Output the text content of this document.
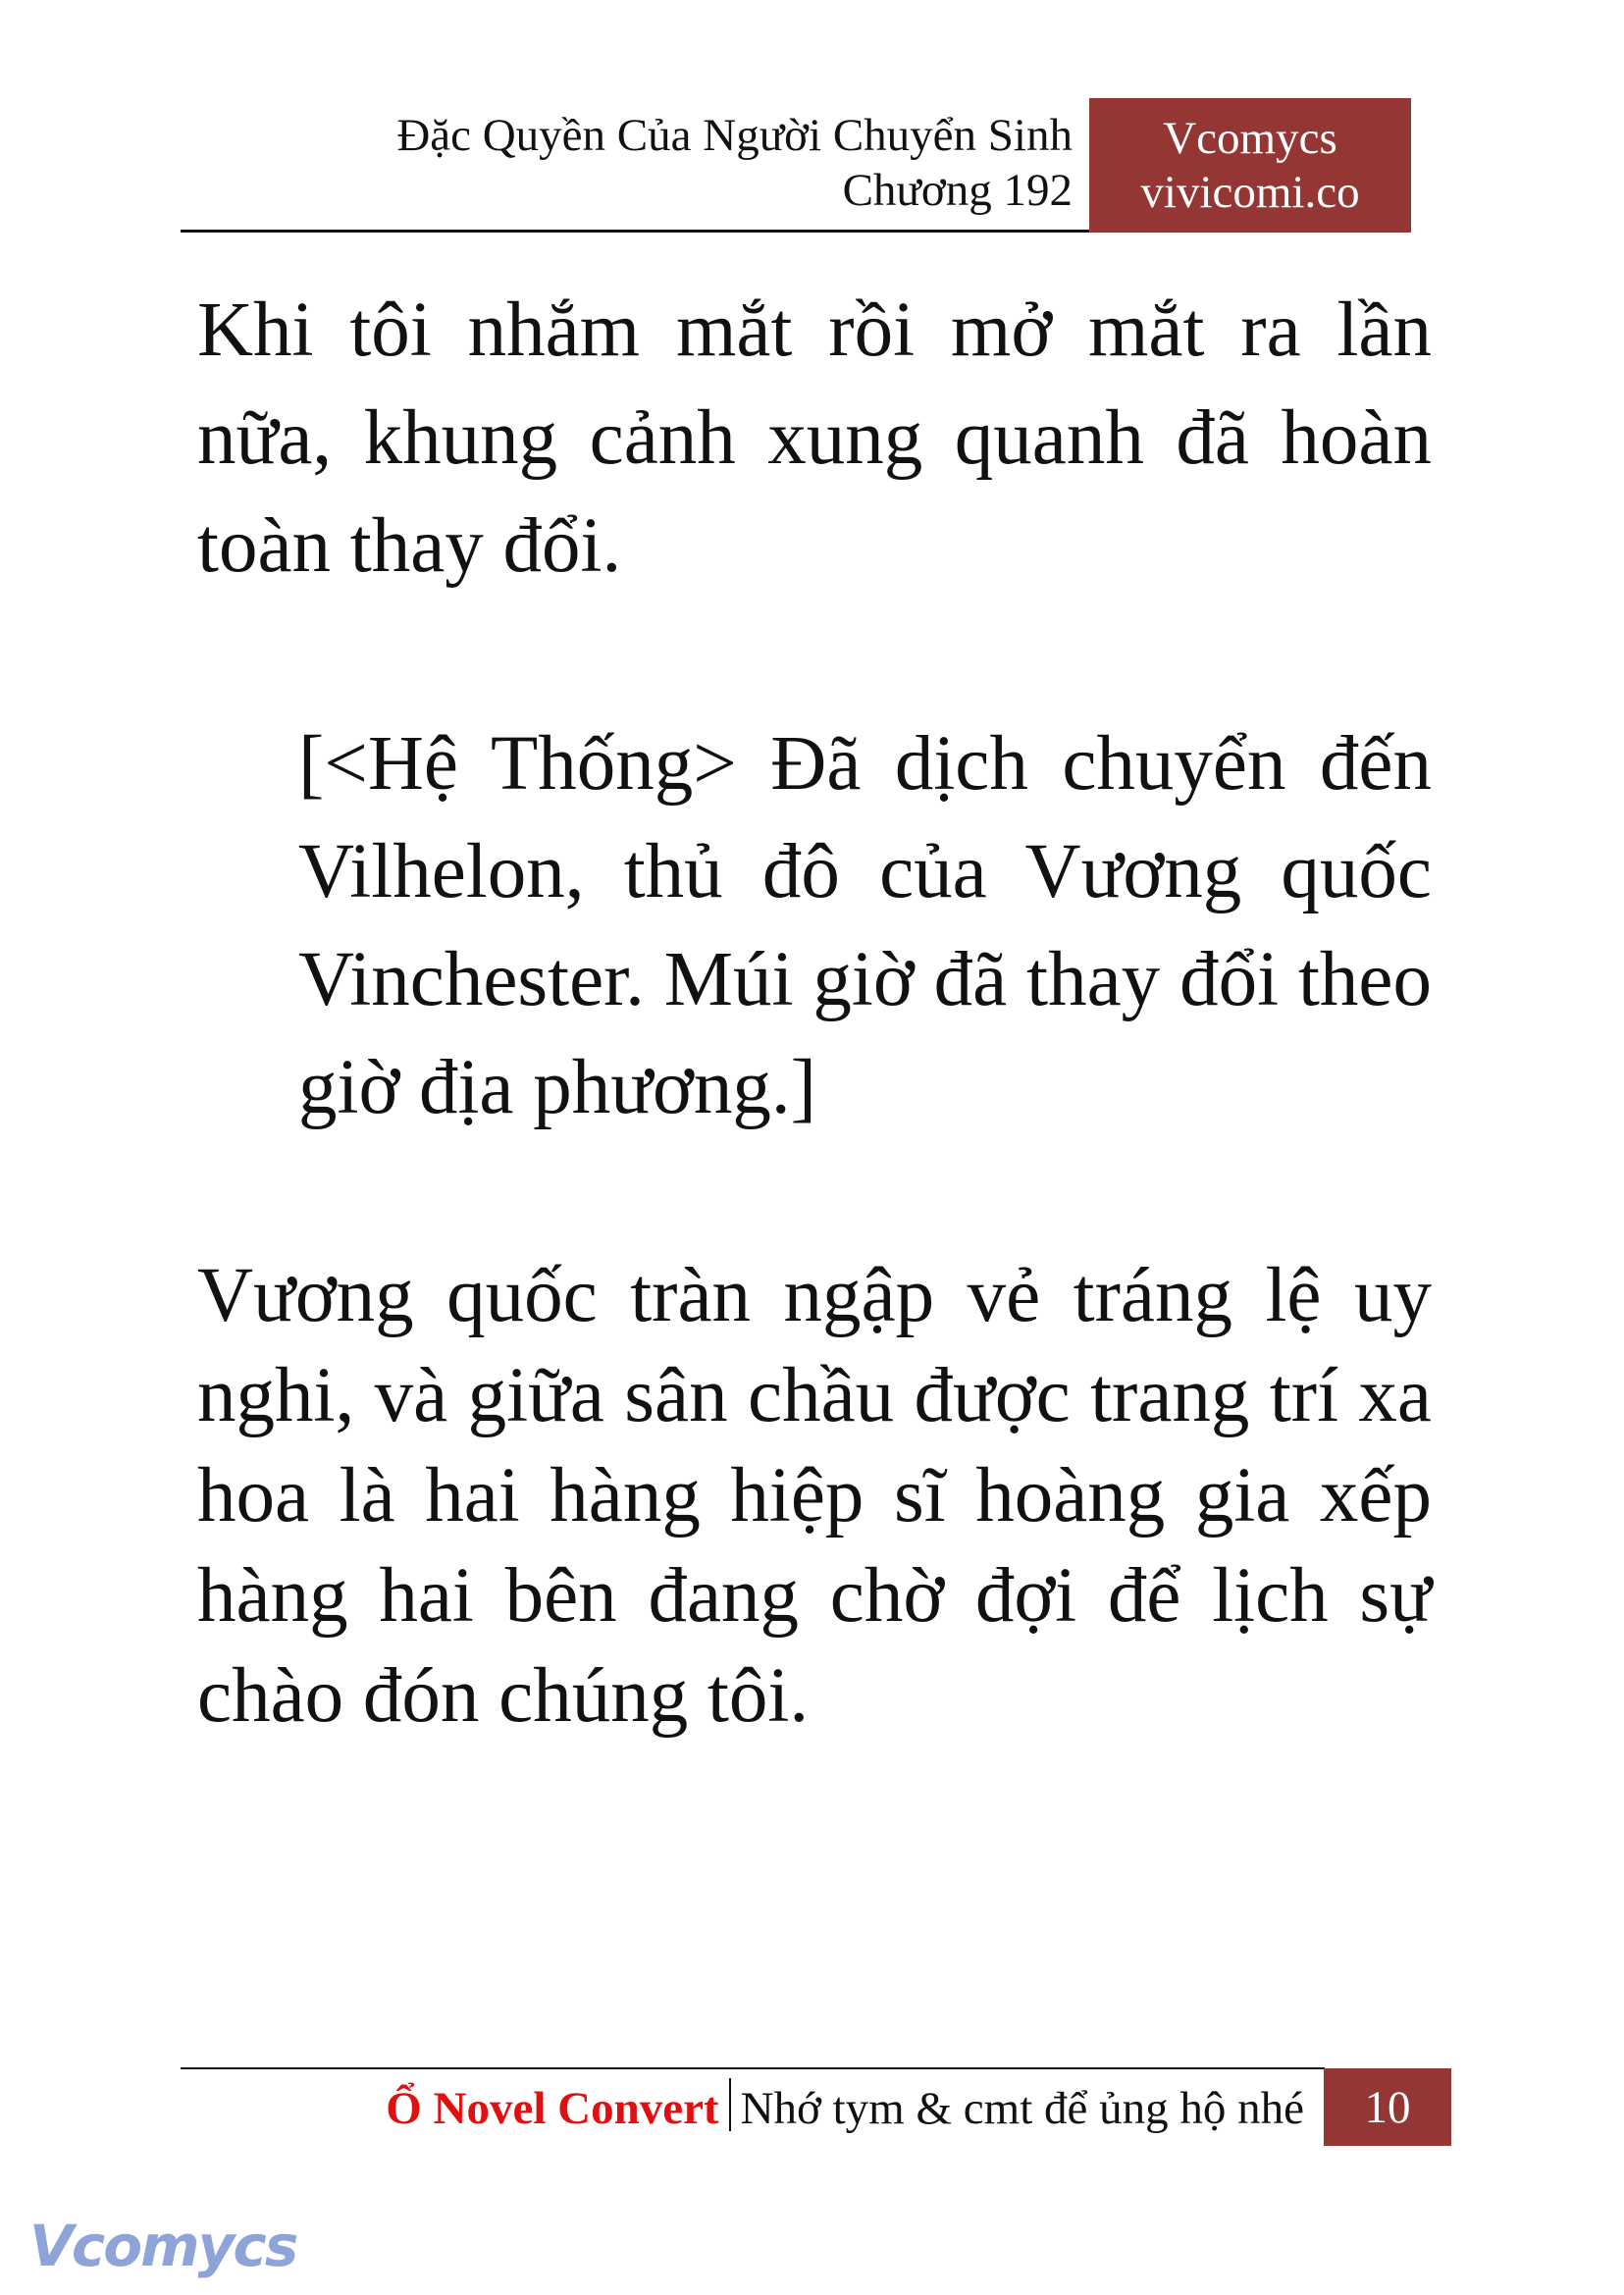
Đặc Quyền Của Người Chuyển Sinh
Chương 192
Vcomycs
vivicomi.co

Khi tôi nhắm mắt rồi mở mắt ra lần nữa, khung cảnh xung quanh đã hoàn toàn thay đổi.

[<Hệ Thống> Đã dịch chuyển đến Vilhelon, thủ đô của Vương quốc Vinchester. Múi giờ đã thay đổi theo giờ địa phương.]

Vương quốc tràn ngập vẻ tráng lệ uy nghi, và giữa sân chầu được trang trí xa hoa là hai hàng hiệp sĩ hoàng gia xếp hàng hai bên đang chờ đợi để lịch sự chào đón chúng tôi.

Ổ Novel Convert Nhớ tym & cmt để ủng hộ nhé	10
Vcomycs
